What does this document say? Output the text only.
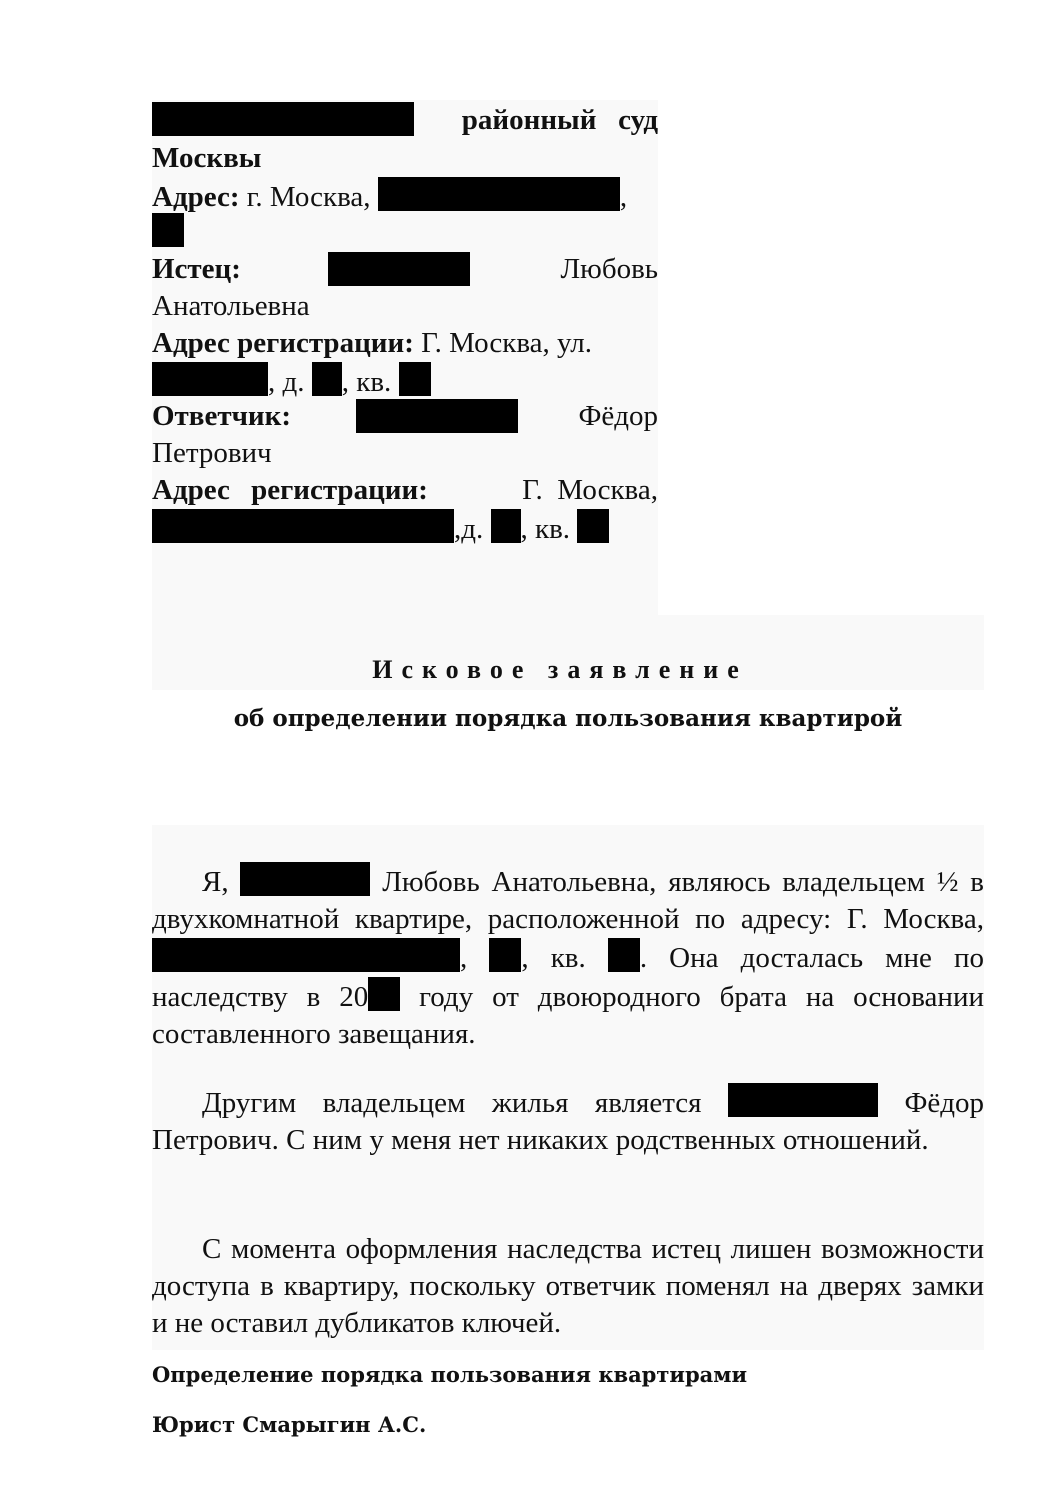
районный   суд
Москвы
Адрес: г. Москва,	,
Истец:	Любовь
Анатольевна
Адрес регистрации: Г. Москва, ул.
, д. , кв.
Ответчик:	Фёдор
Петрович
Адрес регистрации:	Г.  Москва,
,д. , кв.
Исковое заявление
об определении порядка пользования квартирой
Я,	Любовь Анатольевна, являюсь владельцем ½ в двухкомнатной квартире, расположенной по адресу: Г. Москва, , , кв. . Она досталась мне по наследству в 20 году от двоюродного брата на основании составленного завещания.
Другим владельцем жилья является	Фёдор Петрович. С ним у меня нет никаких родственных отношений.
С момента оформления наследства истец лишен возможности доступа в квартиру, поскольку ответчик поменял на дверях замки и не оставил дубликатов ключей.
Определение порядка пользования квартирами
Юрист Смарыгин А.С.
